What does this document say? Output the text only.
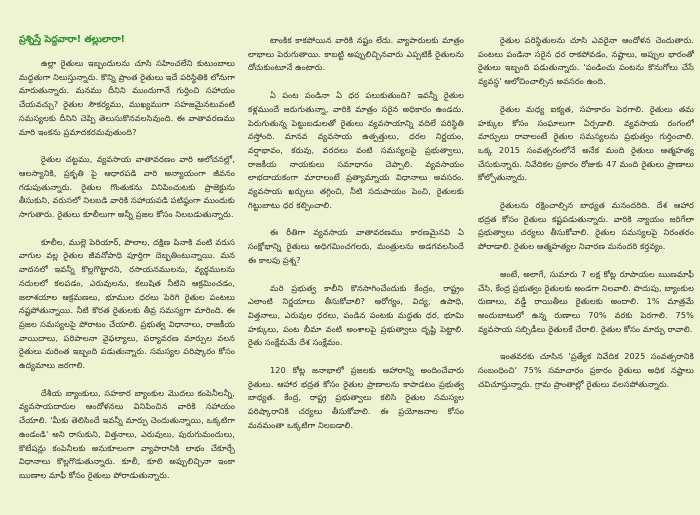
ప్రశ్నిస్తే పెద్దవారా! తల్లులారా!

ఉల్లా రైతులు ఇబ్బందులను చూసి సహించలేని కుటుంబాలు మద్దతుగా నిలుస్తున్నారు. కొన్ని ప్రాంత రైతులు ఇదే పరిస్థితికి లోనుగా మారుతున్నారు. మనము దీనిని ముందుగానే గుర్తించి సహాయం చేయవచ్చు? రైతుల సౌకర్యము, ముఖ్యముగా సహజమైనటువంటి సమస్యలకు దీనిని చెప్పి తెలుసుకొనవలసివుంది. ఈ వాతావరణము మారి ఇంకను ప్రమాదకరమవుతుంది?

రైతుల చట్టము, వ్యవసాయ వాతావరణం వారి ఆలోచనల్లో, ఆలస్యానికి, ప్రకృతి పై ఆధారపడి వారి అన్యాయంగా జీవనం గడుపుతున్నారు. రైతుల గొంతుకను వినిపించుటకు ప్రాజెక్టును తీసుకుని, వరుసలో నిలబడి వారికి సహాయపడి పటిష్ఠంగా ముందుకు సాగుతారు. రైతులు కూలీలుగా అన్నీ ప్రజల కోసం నిలబడుతున్నారు.

కూలీల, ముల్లె పెరియార్, పొలాల, దక్షిణ పినాకి వంటి వరుస వాగుల వల్ల రైతుల జీవనోపాధి పూర్తిగా దెబ్బతింటున్నాయి. మన వాదనలో ఇవన్నీ కొల్లగొట్టారని, రసాయనములను, వ్యర్థములను నదులలో కలపడం, ఎరువులను, కలుషిత నీటిని ఆక్రమించడం, జలాశయాల ఆక్రమణలు, భూముల ధరలు పెరిగి రైతుల పంటలు నష్టపోతున్నాయి. నీటి కొరత రైతులకు తీవ్ర సమస్యగా మారింది. ఈ ప్రజల సమస్యలపై పోరాటం చేయాలి. ప్రభుత్వ విధానాలు, రాజకీయ వాయిదాలు, పరిపాలనా వైఫల్యాలు, పర్యావరణ మార్పుల వలన రైతులు మరింత ఇబ్బంది పడుతున్నారు. సమస్యల పరిష్కారం కోసం ఉద్యమాలు జరగాలి.

దేశీయ బ్యాంకులు, సహకార బ్యాంకుల మొదలు కంపెనీలన్నీ, వ్యవసాయదారుల ఆందోళనలు వినిపించిన వారికి సహాయం చేయాలి. 'మీకు తెలిసిందే ఇవన్నీ మార్పు చెందుతున్నాయి, ఒక్కటిగా ఉండండి' అని రాసుకుని, విత్తనాలు, ఎరువులు, పురుగుమందులు, కొటేషన్లు కంపెనీలకు అనుకూలంగా వ్యాపారానికి లాభం చేకూర్చే విధానాలు కొల్లగొడుతున్నారు. కూలీ, కూలి అప్పులిచ్చినా ఇంకా ఋణాల మాఫీ కోసం రైతులు పోరాడుతున్నారు.

టాంకిక కాకపోయిన వారికి నష్టం లేదు. వ్యాపారులకు మాత్రం లాభాలు పెరుగుతాయి. కాబట్టి అప్పులిచ్చినవారు ఎప్పటికీ రైతులను దోచుకుంటూనే ఉంటారు.

ఏ పంట పండినా ఏ ధర పలుకుతుంది? ఇవన్నీ రైతుల కళ్లముందే జరుగుతున్నా, వారికి మాత్రం సరైన అధికారం ఉండదు. పెరుగుతున్న పెట్టుబడులతో రైతులు వ్యవసాయాన్ని వదిలే పరిస్థితి వస్తోంది. మానవ వ్యవసాయ ఉత్పత్తులు, ధరల నిర్ణయం, వర్షాభావం, కరువు, వరదలు వంటి సమస్యలపై ప్రభుత్వాలు, రాజకీయ నాయకులు సమాధానం చెప్పాలి. వ్యవసాయం లాభదాయకంగా మారాలంటే ప్రత్యామ్నాయ విధానాలు అవసరం. వ్యవసాయ ఖర్చులు తగ్గించి, నీటి సదుపాయం పెంచి, రైతులకు గిట్టుబాటు ధర కల్పించాలి.

ఈ రీతిగా వ్యవసాయ వాతావరణము కారణమైనవి ఏ సంక్షోభాన్ని రైతులు అధిగమించగలరు, మంత్రులను అడగవలసిందే ఈ కాలపు ప్రశ్న?

మరి ప్రభుత్వ కాలీని కొనసాగించేందుకు కేంద్రం, రాష్ట్రం ఎలాంటి నిర్ణయాలు తీసుకోవాలి? ఆరోగ్యం, విద్య, ఉపాధి, విత్తనాలు, ఎరువుల ధరలు, పండిన పంటకు మద్దతు ధర, భూమి హక్కులు, పంట బీమా వంటి అంశాలపై ప్రభుత్వాలు దృష్టి పెట్టాలి. రైతు సంక్షేమమే దేశ సంక్షేమం.

120 కోట్ల జనాభాలో ప్రజలకు ఆహారాన్ని అందించేవారు రైతులు. ఆహార భద్రత కోసం రైతుల ప్రాణాలను కాపాడటం ప్రభుత్వ బాధ్యత. కేంద్ర, రాష్ట్ర ప్రభుత్వాలు కలిసి రైతుల సమస్యల పరిష్కారానికి చర్యలు తీసుకోవాలి. ఈ ప్రయోజనాల కోసం మనమంతా ఒక్కటిగా నిలబడాలి.

రైతుల పరిస్థితులను చూసి ఎవరైనా ఆందోళన చెందుతారు. పంటలు పండినా సరైన ధర రాకపోవడం, నష్టాలు, అప్పుల భారంతో రైతులు ఇబ్బంది పడుతున్నారు. 'పండించు పంటను కొనుగోలు చేసే వ్యవస్థ' ఆలోచించాల్సిన అవసరం ఉంది.

రైతుల మధ్య ఐక్యత, సహకారం పెరగాలి. రైతులు తమ హక్కుల కోసం సంఘాలుగా ఏర్పడాలి. వ్యవసాయ రంగంలో మార్పులు రావాలంటే రైతుల సమస్యలను ప్రభుత్వం గుర్తించాలి. ఒక్క 2015 సంవత్సరంలోనే అనేక మంది రైతులు ఆత్మహత్య చేసుకున్నారు. నివేదికల ప్రకారం రోజుకు 47 మంది రైతులు ప్రాణాలు కోల్పోతున్నారు.

రైతులను రక్షించాల్సిన బాధ్యత మనందరిది. దేశ ఆహార భద్రత కోసం రైతులు కష్టపడుతున్నారు. వారికి న్యాయం జరిగేలా ప్రభుత్వాలు చర్యలు తీసుకోవాలి. రైతుల సమస్యలపై నిరంతరం పోరాడాలి. రైతుల ఆత్మహత్యల నివారణ మనందరి కర్తవ్యం.

అంటే, అలాగే, సుమారు 7 లక్ష కోట్ల రూపాయల ఋణమాఫీ చేసి, కేంద్ర ప్రభుత్వం రైతులకు అండగా నిలవాలి. పొదుపు, బ్యాంకుల రుణాలు, వడ్డీ రాయితీలు రైతులకు అందాలి. 1% మాత్రమే అందుబాటులో ఉన్న రుణాలు 70% వరకు పెరగాలి. 75% వ్యవసాయ సబ్సిడీలు రైతులకే చేరాలి. రైతుల కోసం మార్పు రావాలి.

ఇంతవరకు చూసిన 'ప్రత్యేక నివేదిక 2025 సంవత్సరానికి సంబంధించి' 75% సమాచారం ప్రకారం రైతులు అధిక నష్టాలు చవిచూస్తున్నారు. గ్రామ ప్రాంతాల్లో రైతులు వలసపోతున్నారు.
